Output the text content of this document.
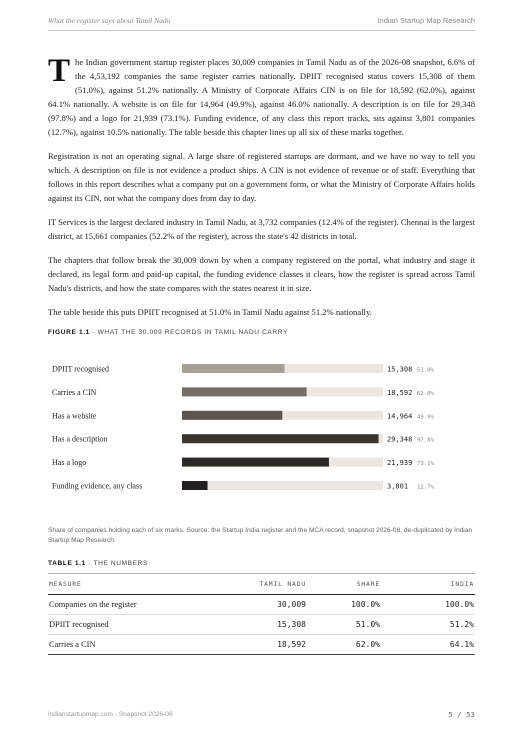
What the register says about Tamil Nadu	Indian Startup Map Research

The Indian government startup register places 30,009 companies in Tamil Nadu as of the 2026-08 snapshot, 6.6% of the 4,53,192 companies the same register carries nationally. DPIIT recognised status covers 15,308 of them (51.0%), against 51.2% nationally. A Ministry of Corporate Affairs CIN is on file for 18,592 (62.0%), against 64.1% nationally. A website is on file for 14,964 (49.9%), against 46.0% nationally. A description is on file for 29,348 (97.8%) and a logo for 21,939 (73.1%). Funding evidence, of any class this report tracks, sits against 3,801 companies (12.7%), against 10.5% nationally. The table beside this chapter lines up all six of these marks together.

Registration is not an operating signal. A large share of registered startups are dormant, and we have no way to tell you which. A description on file is not evidence a product ships. A CIN is not evidence of revenue or of staff. Everything that follows in this report describes what a company put on a government form, or what the Ministry of Corporate Affairs holds against its CIN, not what the company does from day to day.

IT Services is the largest declared industry in Tamil Nadu, at 3,732 companies (12.4% of the register). Chennai is the largest district, at 15,661 companies (52.2% of the register), across the state's 42 districts in total.

The chapters that follow break the 30,009 down by when a company registered on the portal, what industry and stage it declared, its legal form and paid-up capital, the funding evidence classes it clears, how the register is spread across Tamil Nadu's districts, and how the state compares with the states nearest it in size.

The table beside this puts DPIIT recognised at 51.0% in Tamil Nadu against 51.2% nationally.

FIGURE 1.1 · WHAT THE 30,009 RECORDS IN TAMIL NADU CARRY
DPIIT recognised	15,308 51.0%
Carries a CIN	18,592 62.0%
Has a website	14,964 49.9%
Has a description	29,348 97.8%
Has a logo	21,939 73.1%
Funding evidence, any class	3,801 12.7%
Share of companies holding each of six marks. Source: the Startup India register and the MCA record, snapshot 2026-08, de-duplicated by Indian Startup Map Research.
TABLE 1.1 · THE NUMBERS
MEASURE	TAMIL NADU	SHARE	INDIA
Companies on the register	30,009	100.0%	100.0%
DPIIT recognised	15,308	51.0%	51.2%
Carries a CIN	18,592	62.0%	64.1%
indianstartupmap.com · Snapshot 2026-08	5 / 53
